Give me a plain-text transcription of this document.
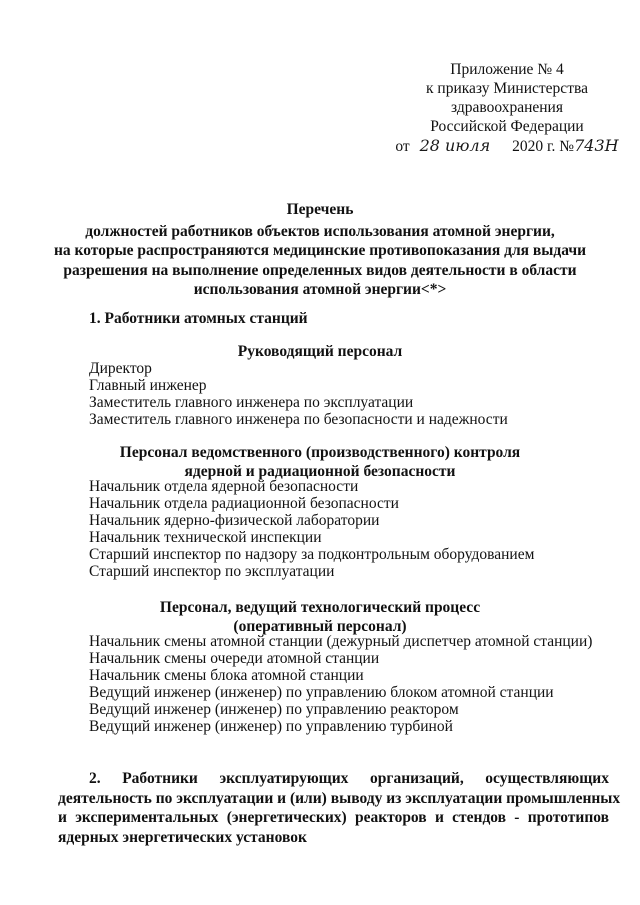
Приложение № 4
к приказу Министерства
здравоохранения
Российской Федерации
от 28 июля 2020 г. №743Н
Перечень
должностей работников объектов использования атомной энергии,
на которые распространяются медицинские противопоказания для выдачи
разрешения на выполнение определенных видов деятельности в области
использования атомной энергии<*>
1. Работники атомных станций
Руководящий персонал
Директор
Главный инженер
Заместитель главного инженера по эксплуатации
Заместитель главного инженера по безопасности и надежности
Персонал ведомственного (производственного) контроля
ядерной и радиационной безопасности
Начальник отдела ядерной безопасности
Начальник отдела радиационной безопасности
Начальник ядерно-физической лаборатории
Начальник технической инспекции
Старший инспектор по надзору за подконтрольным оборудованием
Старший инспектор по эксплуатации
Персонал, ведущий технологический процесс
(оперативный персонал)
Начальник смены атомной станции (дежурный диспетчер атомной станции)
Начальник смены очереди атомной станции
Начальник смены блока атомной станции
Ведущий инженер (инженер) по управлению блоком атомной станции
Ведущий инженер (инженер) по управлению реактором
Ведущий инженер (инженер) по управлению турбиной
2. Работники эксплуатирующих организаций, осуществляющих
деятельность по эксплуатации и (или) выводу из эксплуатации промышленных
и экспериментальных (энергетических) реакторов и стендов - прототипов
ядерных энергетических установок
